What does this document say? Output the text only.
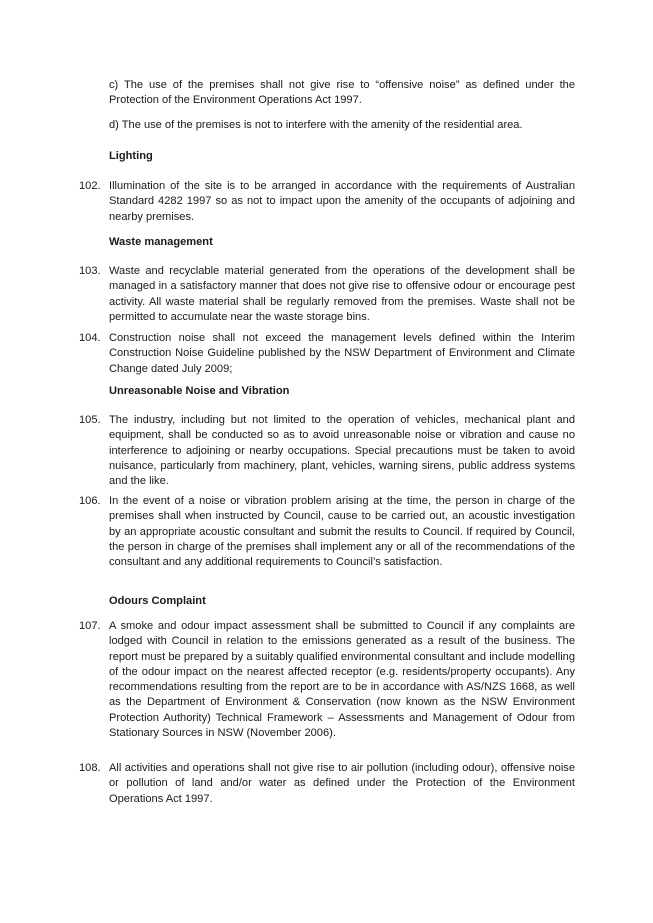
c) The use of the premises shall not give rise to “offensive noise” as defined under the Protection of the Environment Operations Act 1997.
d) The use of the premises is not to interfere with the amenity of the residential area.
Lighting
102. Illumination of the site is to be arranged in accordance with the requirements of Australian Standard 4282 1997 so as not to impact upon the amenity of the occupants of adjoining and nearby premises.
Waste management
103. Waste and recyclable material generated from the operations of the development shall be managed in a satisfactory manner that does not give rise to offensive odour or encourage pest activity. All waste material shall be regularly removed from the premises. Waste shall not be permitted to accumulate near the waste storage bins.
104. Construction noise shall not exceed the management levels defined within the Interim Construction Noise Guideline published by the NSW Department of Environment and Climate Change dated July 2009;
Unreasonable Noise and Vibration
105. The industry, including but not limited to the operation of vehicles, mechanical plant and equipment, shall be conducted so as to avoid unreasonable noise or vibration and cause no interference to adjoining or nearby occupations. Special precautions must be taken to avoid nuisance, particularly from machinery, plant, vehicles, warning sirens, public address systems and the like.
106. In the event of a noise or vibration problem arising at the time, the person in charge of the premises shall when instructed by Council, cause to be carried out, an acoustic investigation by an appropriate acoustic consultant and submit the results to Council. If required by Council, the person in charge of the premises shall implement any or all of the recommendations of the consultant and any additional requirements to Council’s satisfaction.
Odours Complaint
107. A smoke and odour impact assessment shall be submitted to Council if any complaints are lodged with Council in relation to the emissions generated as a result of the business. The report must be prepared by a suitably qualified environmental consultant and include modelling of the odour impact on the nearest affected receptor (e.g. residents/property occupants). Any recommendations resulting from the report are to be in accordance with AS/NZS 1668, as well as the Department of Environment & Conservation (now known as the NSW Environment Protection Authority) Technical Framework – Assessments and Management of Odour from Stationary Sources in NSW (November 2006).
108. All activities and operations shall not give rise to air pollution (including odour), offensive noise or pollution of land and/or water as defined under the Protection of the Environment Operations Act 1997.
